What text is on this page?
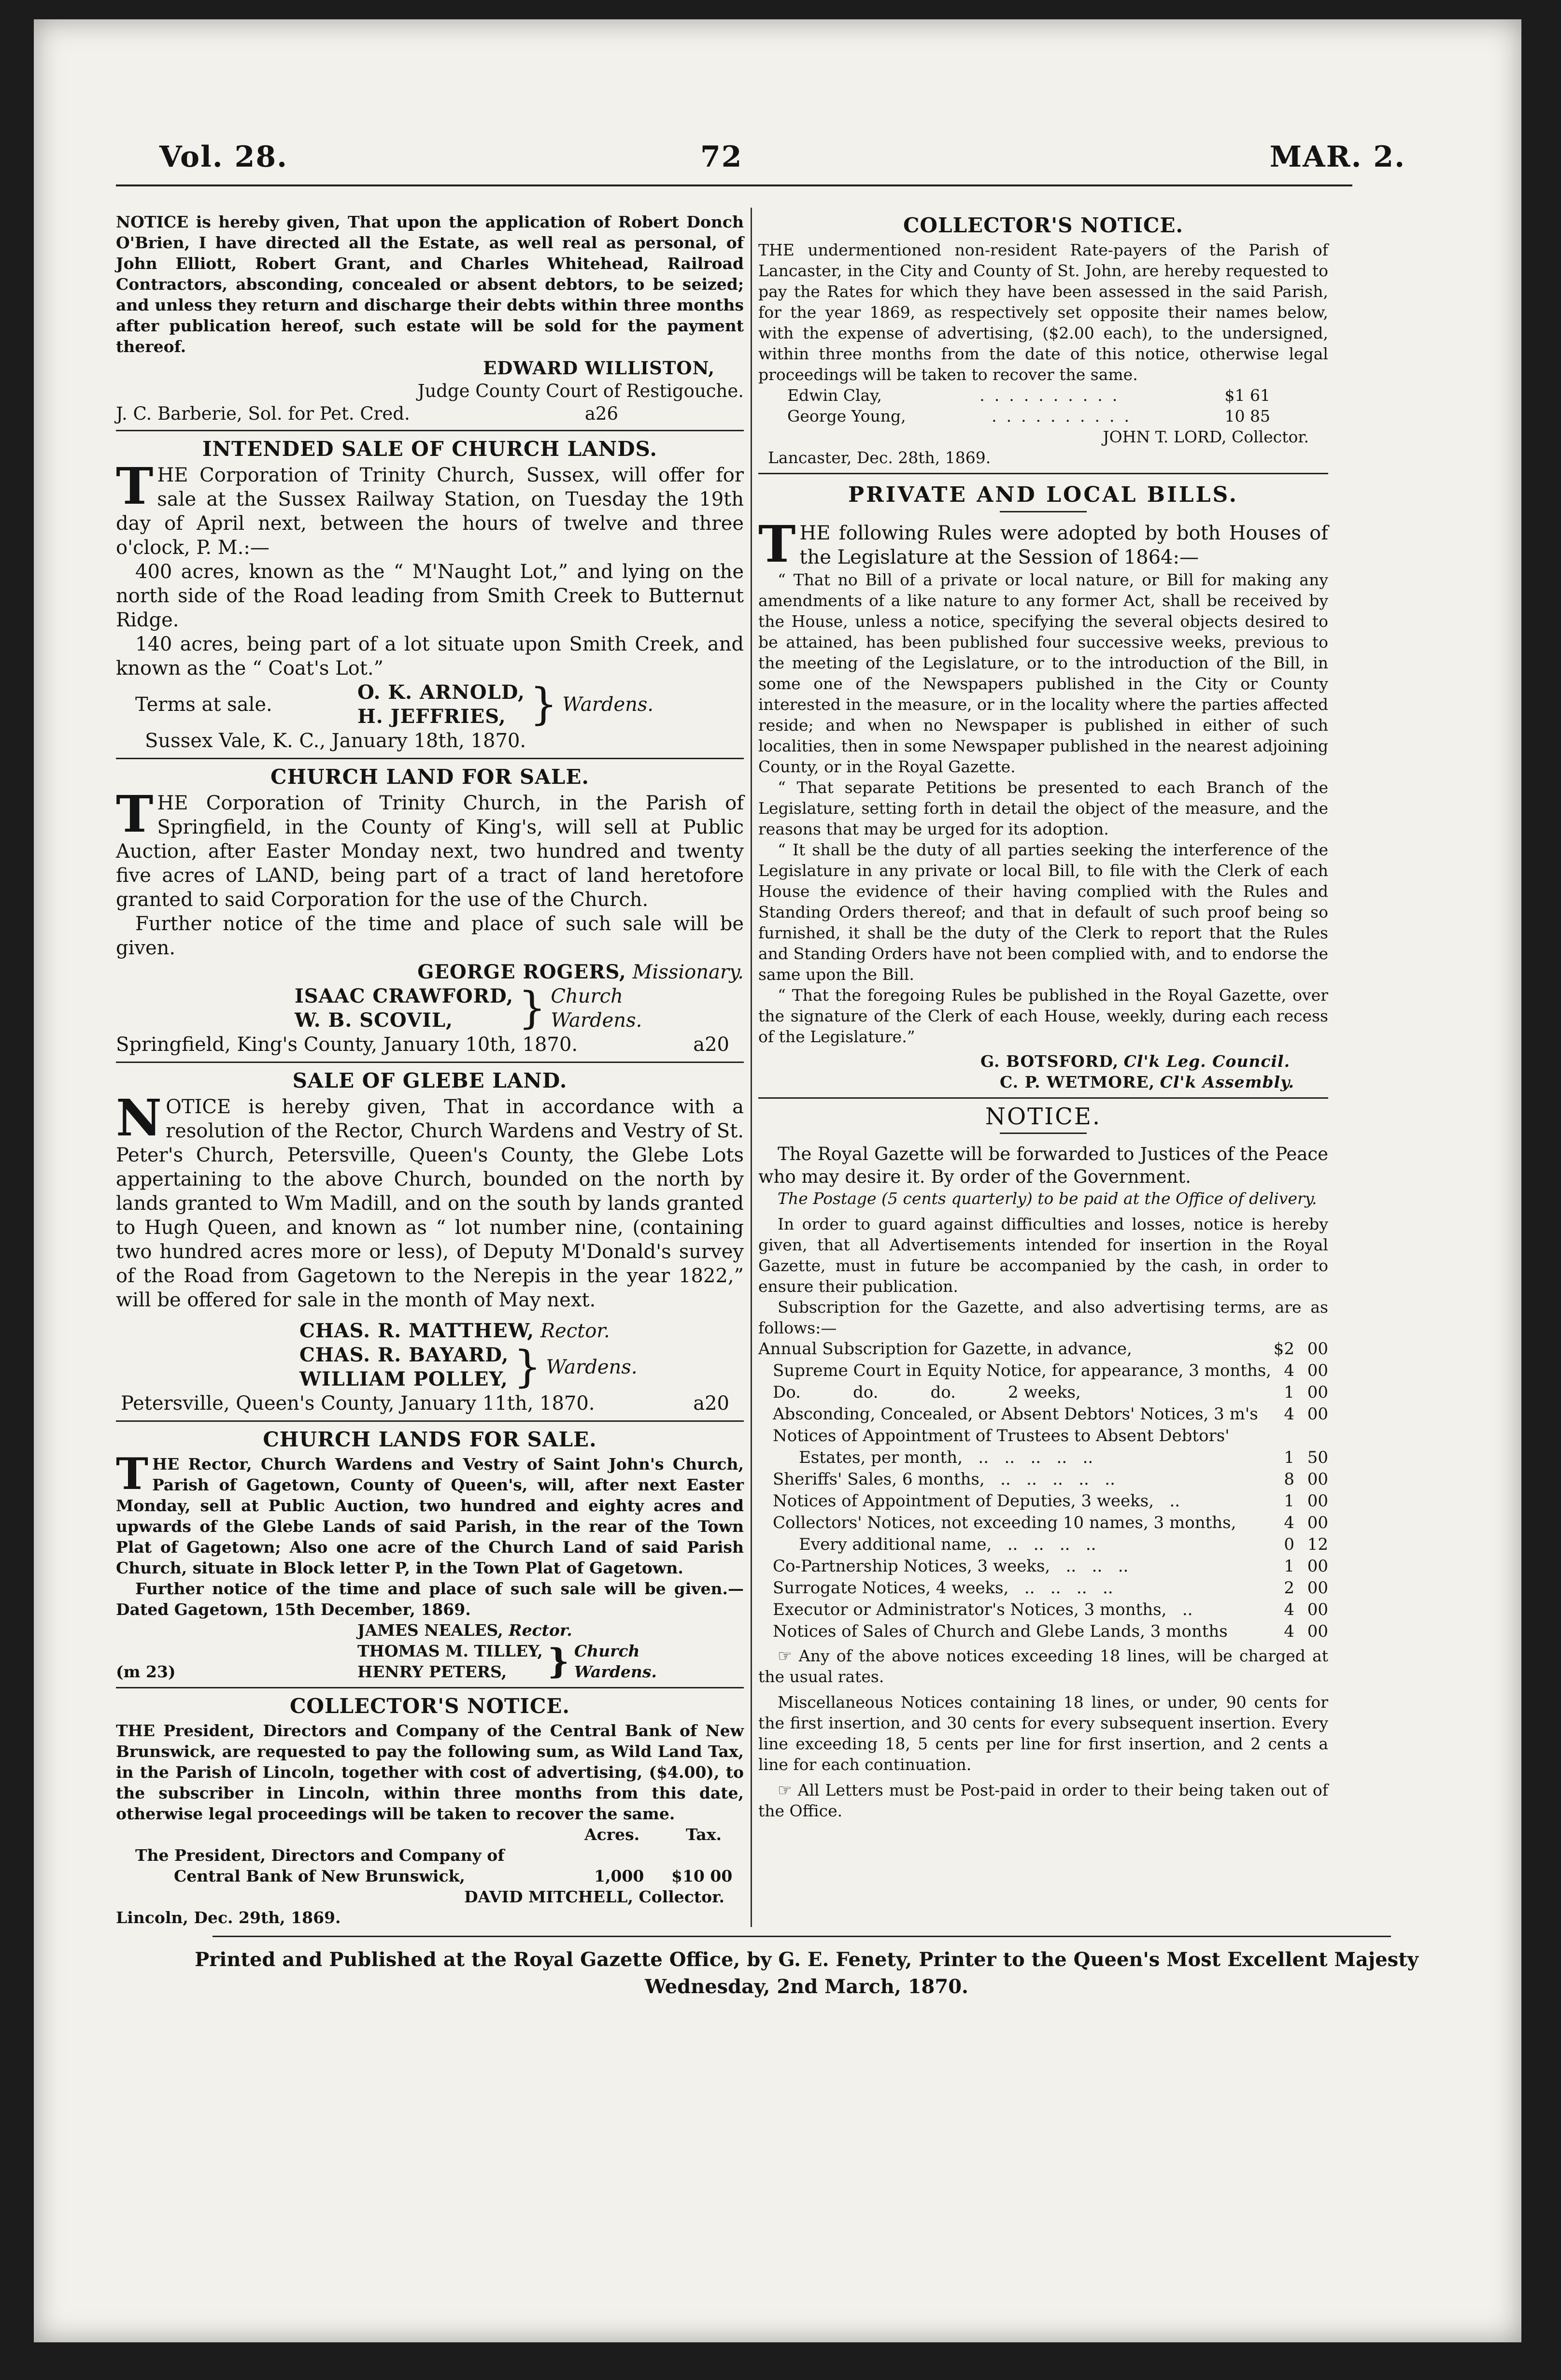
Vol. 28.	72	MAR. 2.

NOTICE is hereby given, That upon the application of Robert Donch O'Brien, I have directed all the Estate, as well real as personal, of John Elliott, Robert Grant, and Charles Whitehead, Railroad Contractors, absconding, concealed or absent debtors, to be seized; and unless they return and discharge their debts within three months after publication hereof, such estate will be sold for the payment thereof.

EDWARD WILLISTON,

Judge County Court of Restigouche.

J. C. Barberie, Sol. for Pet. Cred.	a26

INTENDED SALE OF CHURCH LANDS.

THE Corporation of Trinity Church, Sussex, will offer for sale at the Sussex Railway Station, on Tuesday the 19th day of April next, between the hours of twelve and three o'clock, P. M.:—

400 acres, known as the “ M'Naught Lot,” and lying on the north side of the Road leading from Smith Creek to Butternut Ridge.

140 acres, being part of a lot situate upon Smith Creek, and known as the “ Coat's Lot.”

Terms at sale.
O. K. ARNOLD,
H. JEFFRIES, } Wardens.

Sussex Vale, K. C., January 18th, 1870.

CHURCH LAND FOR SALE.

THE Corporation of Trinity Church, in the Parish of Springfield, in the County of King's, will sell at Public Auction, after Easter Monday next, two hundred and twenty five acres of LAND, being part of a tract of land heretofore granted to said Corporation for the use of the Church.

Further notice of the time and place of such sale will be given.

GEORGE ROGERS, Missionary.

ISAAC CRAWFORD,
W. B. SCOVIL,	} Church
Wardens.
Springfield, King's County, January 10th, 1870.	a20

SALE OF GLEBE LAND.

NOTICE is hereby given, That in accordance with a resolution of the Rector, Church Wardens and Vestry of St. Peter's Church, Petersville, Queen's County, the Glebe Lots appertaining to the above Church, bounded on the north by lands granted to Wm Madill, and on the south by lands granted to Hugh Queen, and known as “ lot number nine, (containing two hundred acres more or less), of Deputy M'Donald's survey of the Road from Gagetown to the Nerepis in the year 1822,” will be offered for sale in the month of May next.

CHAS. R. MATTHEW, Rector.

CHAS. R. BAYARD,
WILLIAM POLLEY, } Wardens.
Petersville, Queen's County, January 11th, 1870.	a20

CHURCH LANDS FOR SALE.

THE Rector, Church Wardens and Vestry of Saint John's Church, Parish of Gagetown, County of Queen's, will, after next Easter Monday, sell at Public Auction, two hundred and eighty acres and upwards of the Glebe Lands of said Parish, in the rear of the Town Plat of Gagetown; Also one acre of the Church Land of said Parish Church, situate in Block letter P, in the Town Plat of Gagetown.

Further notice of the time and place of such sale will be given.—Dated Gagetown, 15th December, 1869.

JAMES NEALES, Rector.

(m 23)
THOMAS M. TILLEY,
HENRY PETERS,	} Church
Wardens.

COLLECTOR'S NOTICE.

THE President, Directors and Company of the Central Bank of New Brunswick, are requested to pay the following sum, as Wild Land Tax, in the Parish of Lincoln, together with cost of advertising, ($4.00), to the subscriber in Lincoln, within three months from this date, otherwise legal proceedings will be taken to recover the same.

Acres.	Tax.

The President, Directors and Company of

Central Bank of New Brunswick,	1,000 $10 00

DAVID MITCHELL, Collector.

Lincoln, Dec. 29th, 1869.

COLLECTOR'S NOTICE.

THE undermentioned non-resident Rate-payers of the Parish of Lancaster, in the City and County of St. John, are hereby requested to pay the Rates for which they have been assessed in the said Parish, for the year 1869, as respectively set opposite their names below, with the expense of advertising, ($2.00 each), to the undersigned, within three months from the date of this notice, otherwise legal proceedings will be taken to recover the same.

Edwin Clay,	..........	$1 61
George Young,	..........	10 85

JOHN T. LORD, Collector.

Lancaster, Dec. 28th, 1869.

PRIVATE AND LOCAL BILLS.

THE following Rules were adopted by both Houses of the Legislature at the Session of 1864:—

“ That no Bill of a private or local nature, or Bill for making any amendments of a like nature to any former Act, shall be received by the House, unless a notice, specifying the several objects desired to be attained, has been published four successive weeks, previous to the meeting of the Legislature, or to the introduction of the Bill, in some one of the Newspapers published in the City or County interested in the measure, or in the locality where the parties affected reside; and when no Newspaper is published in either of such localities, then in some Newspaper published in the nearest adjoining County, or in the Royal Gazette.

“ That separate Petitions be presented to each Branch of the Legislature, setting forth in detail the object of the measure, and the reasons that may be urged for its adoption.

“ It shall be the duty of all parties seeking the interference of the Legislature in any private or local Bill, to file with the Clerk of each House the evidence of their having complied with the Rules and Standing Orders thereof; and that in default of such proof being so furnished, it shall be the duty of the Clerk to report that the Rules and Standing Orders have not been complied with, and to endorse the same upon the Bill.

“ That the foregoing Rules be published in the Royal Gazette, over the signature of the Clerk of each House, weekly, during each recess of the Legislature.”

G. BOTSFORD, Cl'k Leg. Council.

C. P. WETMORE, Cl'k Assembly.

NOTICE.

The Royal Gazette will be forwarded to Justices of the Peace who may desire it. By order of the Government.

The Postage (5 cents quarterly) to be paid at the Office of delivery.

In order to guard against difficulties and losses, notice is hereby given, that all Advertisements intended for insertion in the Royal Gazette, must in future be accompanied by the cash, in order to ensure their publication.

Subscription for the Gazette, and also advertising terms, are as follows:—

Annual Subscription for Gazette, in advance,	$2	00
Supreme Court in Equity Notice, for appearance, 3 months,	4	00
Do.          do.          do.          2 weeks,	1	00
Absconding, Concealed, or Absent Debtors' Notices, 3 m's	4	00
Notices of Appointment of Trustees to Absent Debtors'		
Estates, per month,   ..   ..   ..   ..   ..	1	50
Sheriffs' Sales, 6 months,   ..   ..   ..   ..   ..	8	00
Notices of Appointment of Deputies, 3 weeks,   ..	1	00
Collectors' Notices, not exceeding 10 names, 3 months,	4	00
Every additional name,   ..   ..   ..   ..	0	12
Co-Partnership Notices, 3 weeks,   ..   ..   ..	1	00
Surrogate Notices, 4 weeks,   ..   ..   ..   ..	2	00
Executor or Administrator's Notices, 3 months,   ..	4	00
Notices of Sales of Church and Glebe Lands, 3 months	4	00

☞ Any of the above notices exceeding 18 lines, will be charged at the usual rates.

Miscellaneous Notices containing 18 lines, or under, 90 cents for the first insertion, and 30 cents for every subsequent insertion. Every line exceeding 18, 5 cents per line for first insertion, and 2 cents a line for each continuation.

☞ All Letters must be Post-paid in order to their being taken out of the Office.

Printed and Published at the Royal Gazette Office, by G. E. Fenety, Printer to the Queen's Most Excellent Majesty
Wednesday, 2nd March, 1870.
